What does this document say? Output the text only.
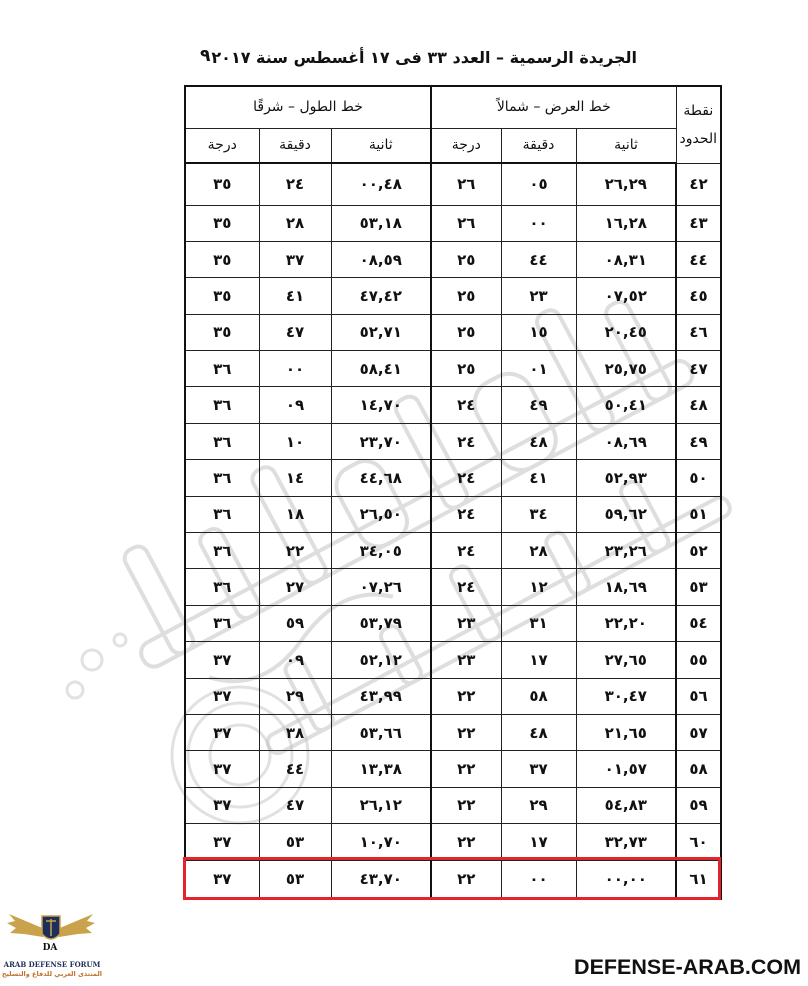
الجريدة الرسمية – العدد ٣٣ فى ١٧ أغسطس سنة ٢٠١٧
٩
نقطة
الحدود	خط العرض – شمالاً			خط الطول – شرقًا		
	ثانية	دقيقة	درجة	ثانية	دقيقة	درجة
٤٢	٢٦,٢٩	٠٥	٢٦	٠٠,٤٨	٢٤	٣٥
٤٣	١٦,٢٨	٠٠	٢٦	٥٣,١٨	٢٨	٣٥
٤٤	٠٨,٣١	٤٤	٢٥	٠٨,٥٩	٣٧	٣٥
٤٥	٠٧,٥٢	٢٣	٢٥	٤٧,٤٢	٤١	٣٥
٤٦	٢٠,٤٥	١٥	٢٥	٥٢,٧١	٤٧	٣٥
٤٧	٢٥,٧٥	٠١	٢٥	٥٨,٤١	٠٠	٣٦
٤٨	٥٠,٤١	٤٩	٢٤	١٤,٧٠	٠٩	٣٦
٤٩	٠٨,٦٩	٤٨	٢٤	٢٣,٧٠	١٠	٣٦
٥٠	٥٢,٩٣	٤١	٢٤	٤٤,٦٨	١٤	٣٦
٥١	٥٩,٦٢	٣٤	٢٤	٢٦,٥٠	١٨	٣٦
٥٢	٢٣,٢٦	٢٨	٢٤	٣٤,٠٥	٢٢	٣٦
٥٣	١٨,٦٩	١٢	٢٤	٠٧,٢٦	٢٧	٣٦
٥٤	٢٢,٢٠	٣١	٢٣	٥٣,٧٩	٥٩	٣٦
٥٥	٢٧,٦٥	١٧	٢٣	٥٢,١٢	٠٩	٣٧
٥٦	٣٠,٤٧	٥٨	٢٢	٤٣,٩٩	٢٩	٣٧
٥٧	٢١,٦٥	٤٨	٢٢	٥٣,٦٦	٣٨	٣٧
٥٨	٠١,٥٧	٣٧	٢٢	١٣,٣٨	٤٤	٣٧
٥٩	٥٤,٨٣	٢٩	٢٢	٢٦,١٢	٤٧	٣٧
٦٠	٣٢,٧٣	١٧	٢٢	١٠,٧٠	٥٣	٣٧
٦١	٠٠,٠٠	٠٠	٢٢	٤٣,٧٠	٥٣	٣٧
DA
ARAB DEFENSE FORUM
المنتدى العربي للدفاع والتسليح	DEFENSE-ARAB.COM
